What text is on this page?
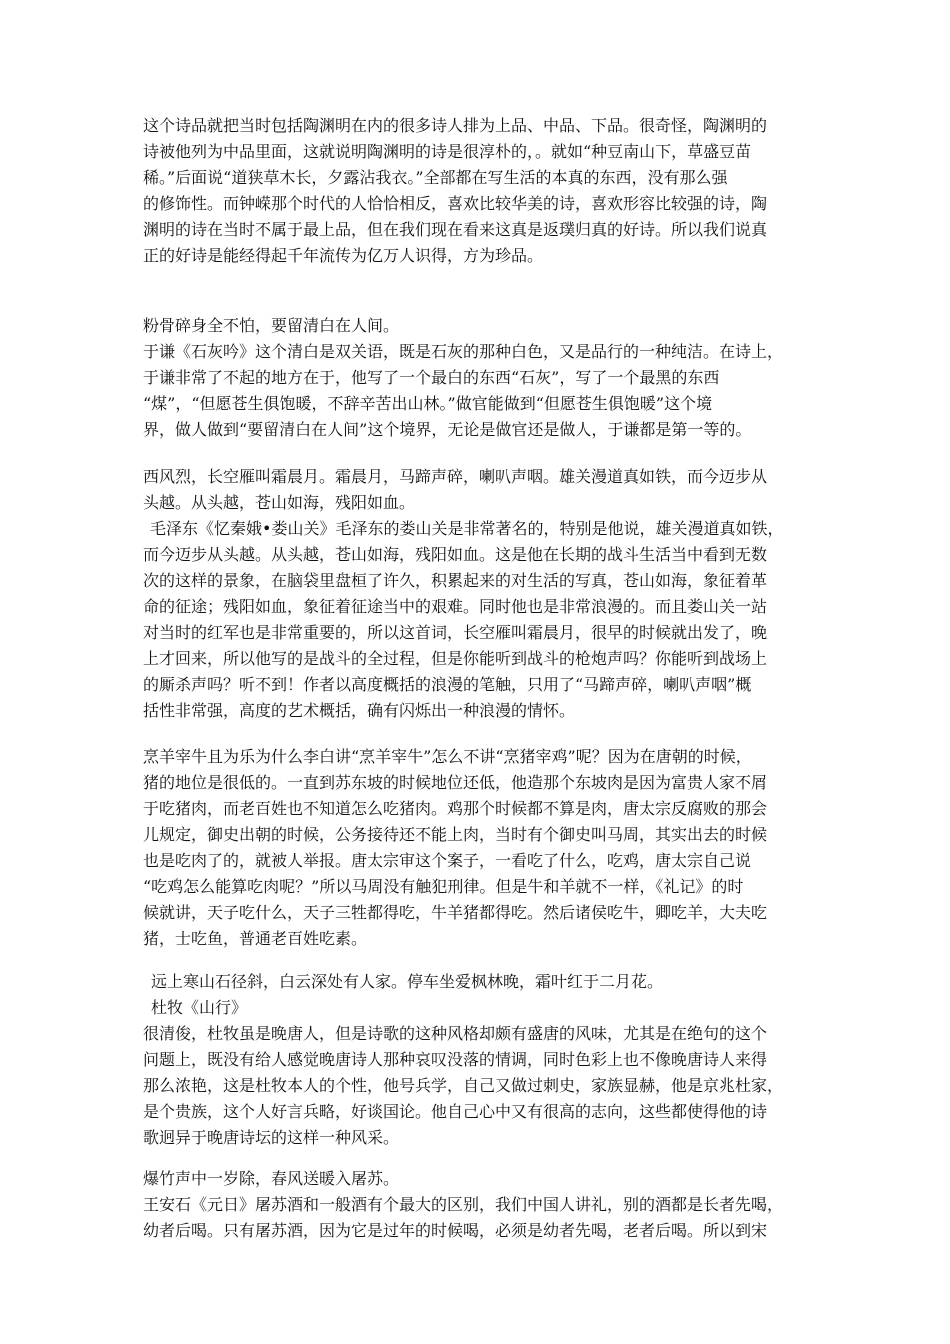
这个诗品就把当时包括陶渊明在内的很多诗人排为上品、中品、下品。很奇怪，陶渊明的
诗被他列为中品里面，这就说明陶渊明的诗是很淳朴的，。就如“种豆南山下，草盛豆苗
稀。”后面说“道狭草木长，夕露沾我衣。”全部都在写生活的本真的东西，没有那么强
的修饰性。而钟嵘那个时代的人恰恰相反，喜欢比较华美的诗，喜欢形容比较强的诗，陶
渊明的诗在当时不属于最上品，但在我们现在看来这真是返璞归真的好诗。所以我们说真
正的好诗是能经得起千年流传为亿万人识得，方为珍品。
粉骨碎身全不怕，要留清白在人间。
于谦《石灰吟》这个清白是双关语，既是石灰的那种白色，又是品行的一种纯洁。在诗上，
于谦非常了不起的地方在于，他写了一个最白的东西“石灰”，写了一个最黑的东西
“煤”，“但愿苍生俱饱暖，不辞辛苦出山林。”做官能做到“但愿苍生俱饱暖”这个境
界，做人做到“要留清白在人间”这个境界，无论是做官还是做人，于谦都是第一等的。
西风烈，长空雁叫霜晨月。霜晨月，马蹄声碎，喇叭声咽。雄关漫道真如铁，而今迈步从
头越。从头越，苍山如海，残阳如血。
毛泽东《忆秦娥•娄山关》毛泽东的娄山关是非常著名的，特别是他说，雄关漫道真如铁，
而今迈步从头越。从头越，苍山如海，残阳如血。这是他在长期的战斗生活当中看到无数
次的这样的景象，在脑袋里盘桓了许久，积累起来的对生活的写真，苍山如海，象征着革
命的征途；残阳如血，象征着征途当中的艰难。同时他也是非常浪漫的。而且娄山关一站
对当时的红军也是非常重要的，所以这首词，长空雁叫霜晨月，很早的时候就出发了，晚
上才回来，所以他写的是战斗的全过程，但是你能听到战斗的枪炮声吗？你能听到战场上
的厮杀声吗？听不到！作者以高度概括的浪漫的笔触，只用了“马蹄声碎，喇叭声咽”概
括性非常强，高度的艺术概括，确有闪烁出一种浪漫的情怀。
烹羊宰牛且为乐为什么李白讲“烹羊宰牛”怎么不讲“烹猪宰鸡”呢？因为在唐朝的时候，
猪的地位是很低的。一直到苏东坡的时候地位还低，他造那个东坡肉是因为富贵人家不屑
于吃猪肉，而老百姓也不知道怎么吃猪肉。鸡那个时候都不算是肉，唐太宗反腐败的那会
儿规定，御史出朝的时候，公务接待还不能上肉，当时有个御史叫马周，其实出去的时候
也是吃肉了的，就被人举报。唐太宗审这个案子，一看吃了什么，吃鸡，唐太宗自己说
“吃鸡怎么能算吃肉呢？”所以马周没有触犯刑律。但是牛和羊就不一样，《礼记》的时
候就讲，天子吃什么，天子三牲都得吃，牛羊猪都得吃。然后诸侯吃牛，卿吃羊，大夫吃
猪，士吃鱼，普通老百姓吃素。
远上寒山石径斜，白云深处有人家。停车坐爱枫林晚，霜叶红于二月花。
杜牧《山行》
很清俊，杜牧虽是晚唐人，但是诗歌的这种风格却颇有盛唐的风味，尤其是在绝句的这个
问题上，既没有给人感觉晚唐诗人那种哀叹没落的情调，同时色彩上也不像晚唐诗人来得
那么浓艳，这是杜牧本人的个性，他号兵学，自己又做过刺史，家族显赫，他是京兆杜家，
是个贵族，这个人好言兵略，好谈国论。他自己心中又有很高的志向，这些都使得他的诗
歌迥异于晚唐诗坛的这样一种风采。
爆竹声中一岁除，春风送暖入屠苏。
王安石《元日》屠苏酒和一般酒有个最大的区别，我们中国人讲礼，别的酒都是长者先喝，
幼者后喝。只有屠苏酒，因为它是过年的时候喝，必须是幼者先喝，老者后喝。所以到宋
